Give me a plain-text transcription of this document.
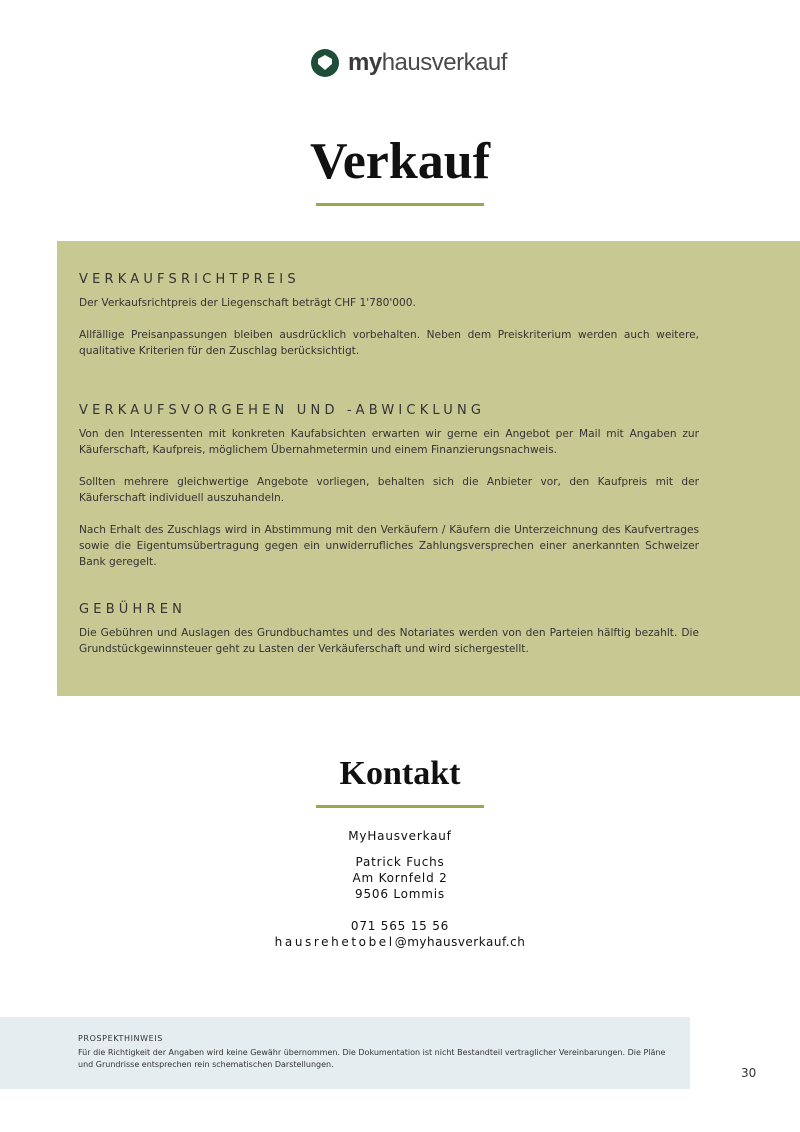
myhausverkauf
Verkauf
VERKAUFSRICHTPREIS

Der Verkaufsrichtpreis der Liegenschaft beträgt CHF 1'780'000.

Allfällige Preisanpassungen bleiben ausdrücklich vorbehalten. Neben dem Preiskriterium werden auch weitere, qualitative Kriterien für den Zuschlag berücksichtigt.

VERKAUFSVORGEHEN UND -ABWICKLUNG

Von den Interessenten mit konkreten Kaufabsichten erwarten wir gerne ein Angebot per Mail mit Angaben zur Käuferschaft, Kaufpreis, möglichem Übernahmetermin und einem Finanzierungsnachweis.

Sollten mehrere gleichwertige Angebote vorliegen, behalten sich die Anbieter vor, den Kaufpreis mit der Käuferschaft individuell auszuhandeln.

Nach Erhalt des Zuschlags wird in Abstimmung mit den Verkäufern / Käufern die Unterzeichnung des Kaufvertrages sowie die Eigentumsübertragung gegen ein unwiderrufliches Zahlungsversprechen einer anerkannten Schweizer Bank geregelt.

GEBÜHREN

Die Gebühren und Auslagen des Grundbuchamtes und des Notariates werden von den Parteien hälftig bezahlt. Die Grundstückgewinnsteuer geht zu Lasten der Verkäuferschaft und wird sichergestellt.

Kontakt
MyHausverkauf
Patrick Fuchs
Am Kornfeld 2
9506 Lommis
071 565 15 56
hausrehetobel@myhausverkauf.ch
PROSPEKTHINWEIS
Für die Richtigkeit der Angaben wird keine Gewähr übernommen. Die Dokumentation ist nicht Bestandteil vertraglicher Vereinbarungen. Die Pläne und Grundrisse entsprechen rein schematischen Darstellungen.
30
